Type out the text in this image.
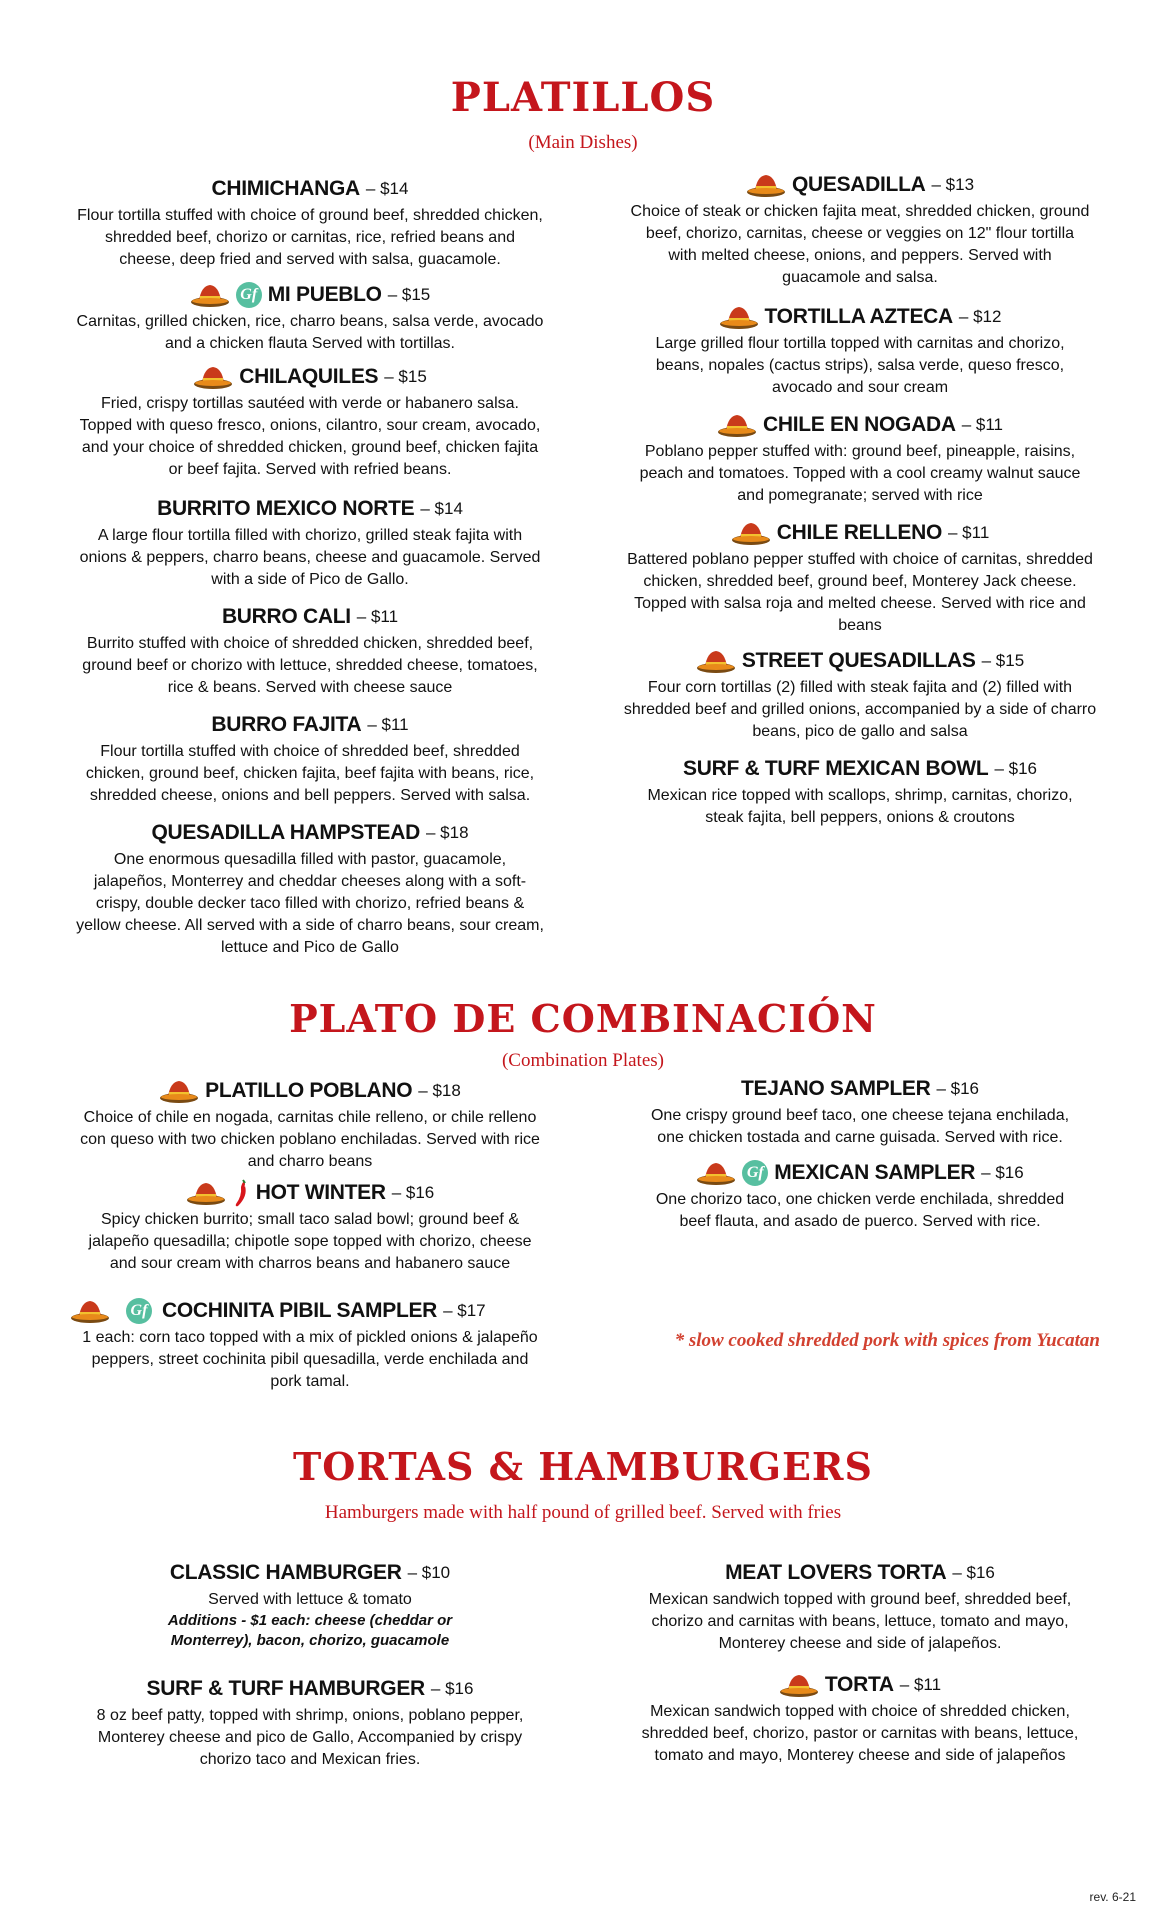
PLATILLOS
(Main Dishes)
CHIMICHANGA – $14
Flour tortilla stuffed with choice of ground beef, shredded chicken, shredded beef, chorizo or carnitas, rice, refried beans and cheese, deep fried and served with salsa, guacamole.
Gf MI PUEBLO – $15
Carnitas, grilled chicken, rice, charro beans, salsa verde, avocado and a chicken flauta Served with tortillas.
CHILAQUILES – $15
Fried, crispy tortillas sautéed with verde or habanero salsa. Topped with queso fresco, onions, cilantro, sour cream, avocado, and your choice of shredded chicken, ground beef, chicken fajita or beef fajita. Served with refried beans.
BURRITO MEXICO NORTE – $14
A large flour tortilla filled with chorizo, grilled steak fajita with onions & peppers, charro beans, cheese and guacamole. Served with a side of Pico de Gallo.
BURRO CALI – $11
Burrito stuffed with choice of shredded chicken, shredded beef, ground beef or chorizo with lettuce, shredded cheese, tomatoes, rice & beans. Served with cheese sauce
BURRO FAJITA – $11
Flour tortilla stuffed with choice of shredded beef, shredded chicken, ground beef, chicken fajita, beef fajita with beans, rice, shredded cheese, onions and bell peppers. Served with salsa.
QUESADILLA HAMPSTEAD – $18
One enormous quesadilla filled with pastor, guacamole, jalapeños, Monterrey and cheddar cheeses along with a soft-crispy, double decker taco filled with chorizo, refried beans & yellow cheese. All served with a side of charro beans, sour cream, lettuce and Pico de Gallo
QUESADILLA – $13
Choice of steak or chicken fajita meat, shredded chicken, ground beef, chorizo, carnitas, cheese or veggies on 12" flour tortilla with melted cheese, onions, and peppers. Served with guacamole and salsa.
TORTILLA AZTECA – $12
Large grilled flour tortilla topped with carnitas and chorizo, beans, nopales (cactus strips), salsa verde, queso fresco, avocado and sour cream
CHILE EN NOGADA – $11
Poblano pepper stuffed with: ground beef, pineapple, raisins, peach and tomatoes. Topped with a cool creamy walnut sauce and pomegranate; served with rice
CHILE RELLENO – $11
Battered poblano pepper stuffed with choice of carnitas, shredded chicken, shredded beef, ground beef, Monterey Jack cheese. Topped with salsa roja and melted cheese. Served with rice and beans
STREET QUESADILLAS – $15
Four corn tortillas (2) filled with steak fajita and (2) filled with shredded beef and grilled onions, accompanied by a side of charro beans, pico de gallo and salsa
SURF & TURF MEXICAN BOWL – $16
Mexican rice topped with scallops, shrimp, carnitas, chorizo, steak fajita, bell peppers, onions & croutons
PLATO DE COMBINACIÓN
(Combination Plates)
PLATILLO POBLANO – $18
Choice of chile en nogada, carnitas chile relleno, or chile relleno con queso with two chicken poblano enchiladas. Served with rice and charro beans
HOT WINTER – $16
Spicy chicken burrito; small taco salad bowl; ground beef & jalapeño quesadilla; chipotle sope topped with chorizo, cheese and sour cream with charros beans and habanero sauce
Gf COCHINITA PIBIL SAMPLER – $17
1 each: corn taco topped with a mix of pickled onions & jalapeño peppers, street cochinita pibil quesadilla, verde enchilada and pork tamal.
TEJANO SAMPLER – $16
One crispy ground beef taco, one cheese tejana enchilada, one chicken tostada and carne guisada. Served with rice.
Gf MEXICAN SAMPLER – $16
One chorizo taco, one chicken verde enchilada, shredded beef flauta, and asado de puerco. Served with rice.
* slow cooked shredded pork with spices from Yucatan
TORTAS & HAMBURGERS
Hamburgers made with half pound of grilled beef. Served with fries
CLASSIC HAMBURGER – $10
Served with lettuce & tomato
Additions - $1 each: cheese (cheddar or Monterrey), bacon, chorizo, guacamole
SURF & TURF HAMBURGER – $16
8 oz beef patty, topped with shrimp, onions, poblano pepper, Monterey cheese and pico de Gallo, Accompanied by crispy chorizo taco and Mexican fries.
MEAT LOVERS TORTA – $16
Mexican sandwich topped with ground beef, shredded beef, chorizo and carnitas with beans, lettuce, tomato and mayo, Monterey cheese and side of jalapeños.
TORTA – $11
Mexican sandwich topped with choice of shredded chicken, shredded beef, chorizo, pastor or carnitas with beans, lettuce, tomato and mayo, Monterey cheese and side of jalapeños
rev. 6-21
